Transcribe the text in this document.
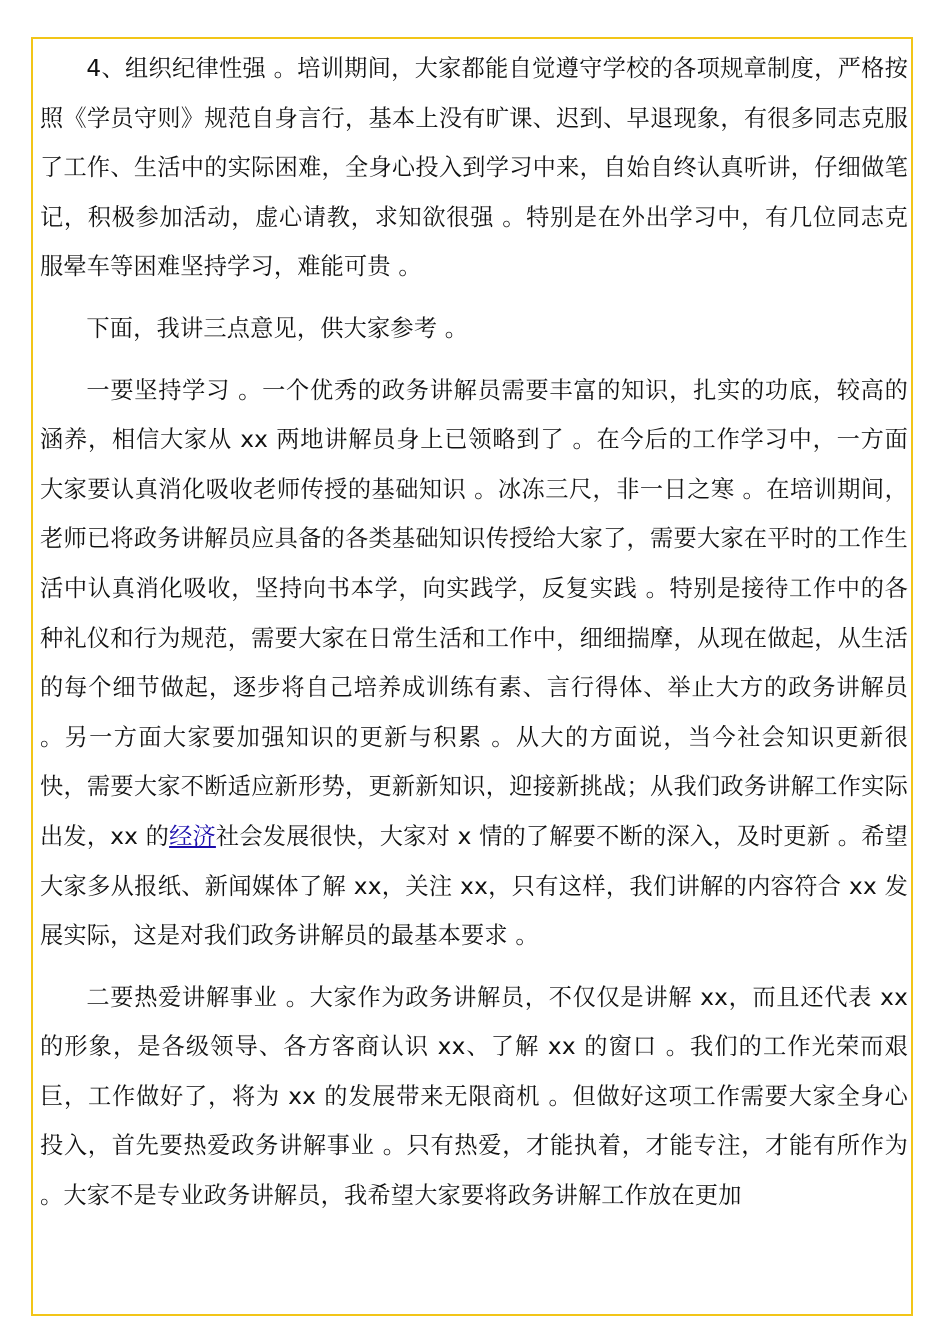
4、组织纪律性强 。培训期间，大家都能自觉遵守学校的各项规章制度，严格按照《学员守则》规范自身言行，基本上没有旷课、迟到、早退现象，有很多同志克服了工作、生活中的实际困难，全身心投入到学习中来，自始自终认真听讲，仔细做笔记，积极参加活动，虚心请教，求知欲很强 。特别是在外出学习中，有几位同志克服晕车等困难坚持学习，难能可贵 。

下面，我讲三点意见，供大家参考 。

一要坚持学习 。一个优秀的政务讲解员需要丰富的知识，扎实的功底，较高的涵养，相信大家从 xx 两地讲解员身上已领略到了 。在今后的工作学习中，一方面大家要认真消化吸收老师传授的基础知识 。冰冻三尺，非一日之寒 。在培训期间，老师已将政务讲解员应具备的各类基础知识传授给大家了，需要大家在平时的工作生活中认真消化吸收，坚持向书本学，向实践学，反复实践 。特别是接待工作中的各种礼仪和行为规范，需要大家在日常生活和工作中，细细揣摩，从现在做起，从生活的每个细节做起，逐步将自己培养成训练有素、言行得体、举止大方的政务讲解员 。另一方面大家要加强知识的更新与积累 。从大的方面说，当今社会知识更新很快，需要大家不断适应新形势，更新新知识，迎接新挑战；从我们政务讲解工作实际出发，xx 的经济社会发展很快，大家对 x 情的了解要不断的深入，及时更新 。希望大家多从报纸、新闻媒体了解 xx，关注 xx，只有这样，我们讲解的内容符合 xx 发展实际，这是对我们政务讲解员的最基本要求 。

二要热爱讲解事业 。大家作为政务讲解员，不仅仅是讲解 xx，而且还代表 xx 的形象，是各级领导、各方客商认识 xx、了解 xx 的窗口 。我们的工作光荣而艰巨，工作做好了，将为 xx 的发展带来无限商机 。但做好这项工作需要大家全身心投入，首先要热爱政务讲解事业 。只有热爱，才能执着，才能专注，才能有所作为 。大家不是专业政务讲解员，我希望大家要将政务讲解工作放在更加
